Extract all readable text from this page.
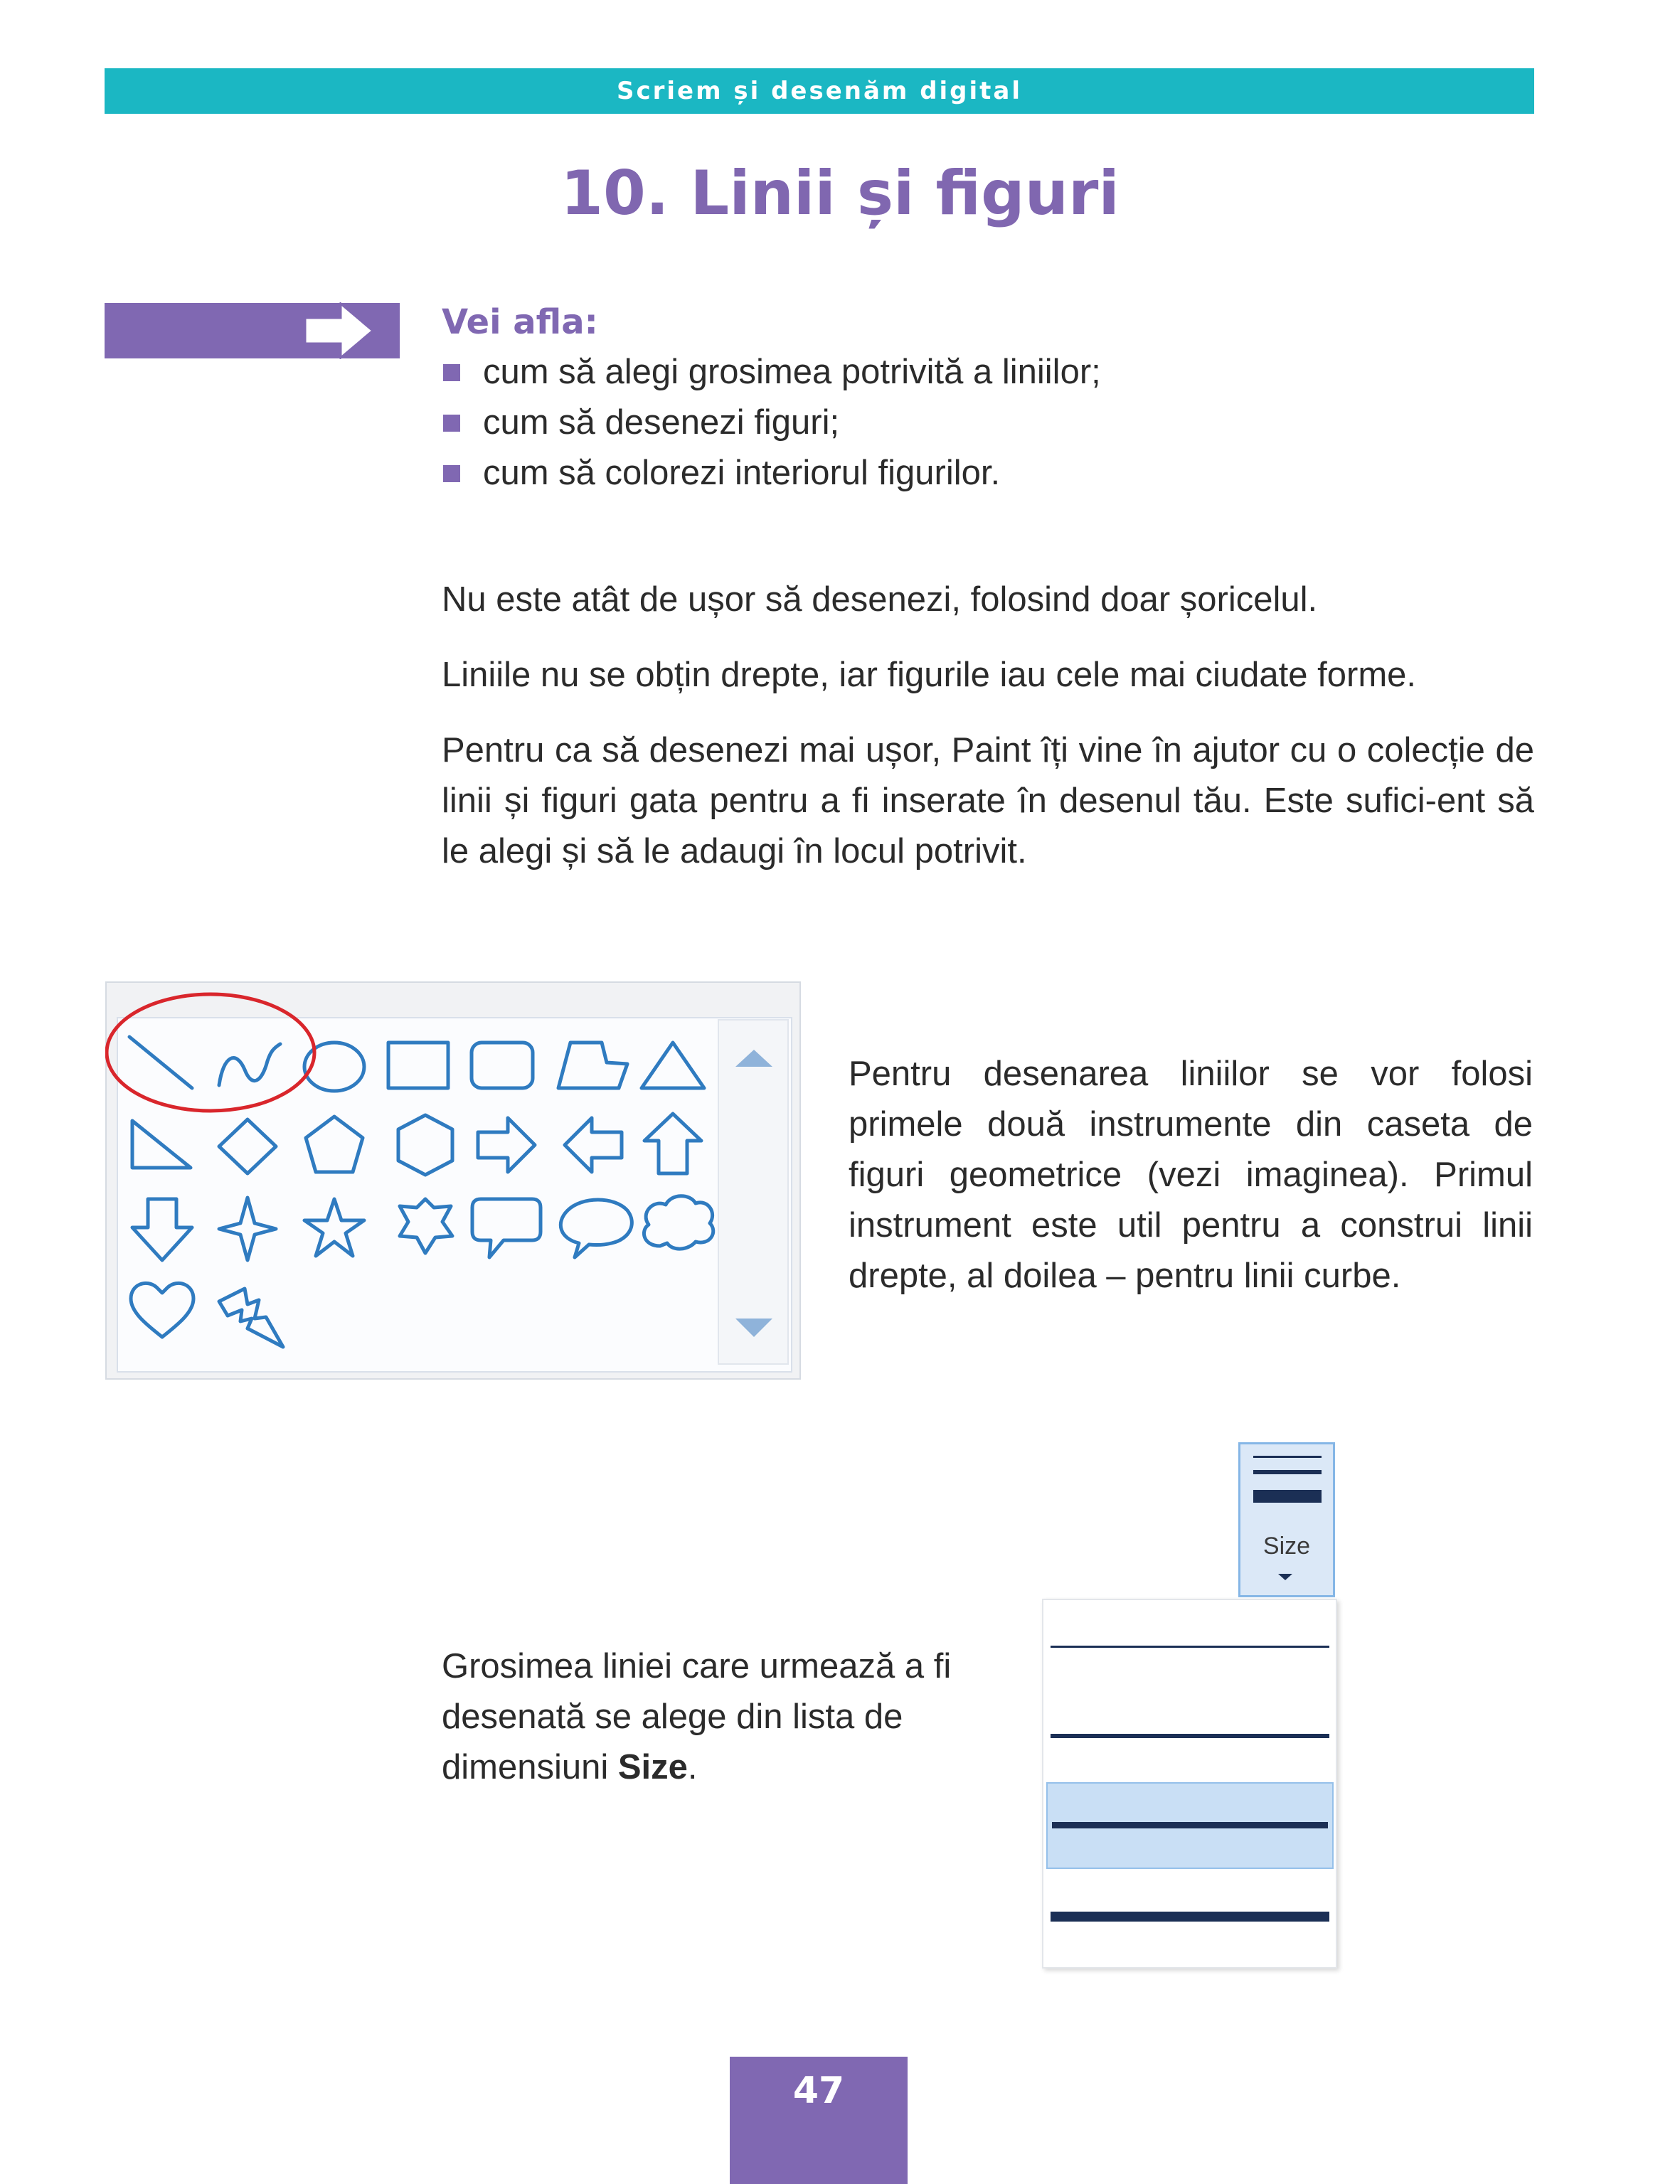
Scriem și desenăm digital
10. Linii și figuri
Vei afla:
cum să alegi grosimea potrivită a liniilor;
cum să desenezi figuri;
cum să colorezi interiorul figurilor.

Nu este atât de ușor să desenezi, folosind doar șoricelul.

Liniile nu se obțin drepte, iar figurile iau cele mai ciudate forme.

Pentru ca să desenezi mai ușor, Paint îți vine în ajutor cu o colecție de linii și figuri gata pentru a fi inserate în desenul tău. Este sufici-ent să le alegi și să le adaugi în locul potrivit.

Pentru desenarea liniilor se vor folosi primele două instrumente din caseta de figuri geometrice (vezi imaginea). Primul instrument este util pentru a construi linii drepte, al doilea – pentru linii curbe.

Size

Grosimea liniei care urmează a fi desenată se alege din lista de dimensiuni Size.

47
